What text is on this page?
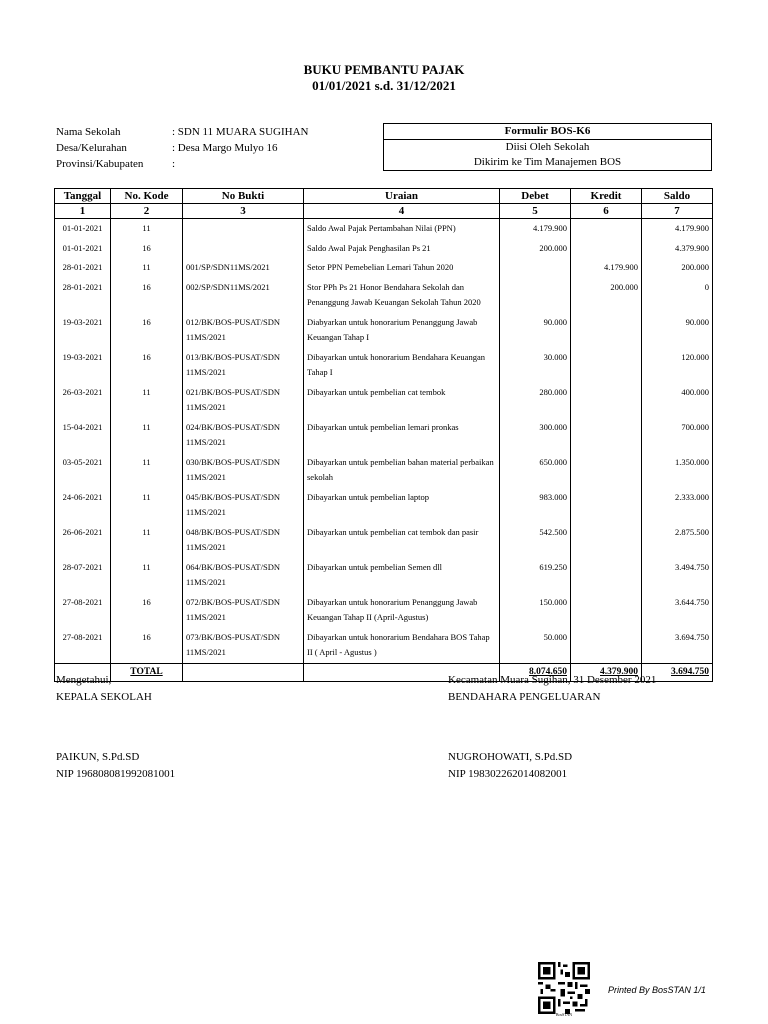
BUKU PEMBANTU PAJAK
01/01/2021 s.d. 31/12/2021
Nama Sekolah	: SDN 11 MUARA SUGIHAN
Desa/Kelurahan	: Desa Margo Mulyo 16
Provinsi/Kabupaten	:
Formulir BOS-K6
Diisi Oleh Sekolah
Dikirim ke Tim Manajemen BOS
Tanggal	No. Kode	No Bukti	Uraian	Debet	Kredit	Saldo
1	2	3	4	5	6	7
01-01-2021	11		Saldo Awal Pajak Pertambahan Nilai (PPN)	4.179.900		4.179.900
01-01-2021	16		Saldo Awal Pajak Penghasilan Ps 21	200.000		4.379.900
28-01-2021	11	001/SP/SDN11MS/2021	Setor PPN Pemebelian Lemari Tahun 2020		4.179.900	200.000
28-01-2021	16	002/SP/SDN11MS/2021	Stor PPh Ps 21 Honor Bendahara Sekolah dan Penanggung Jawab Keuangan Sekolah Tahun 2020		200.000	0
19-03-2021	16	012/BK/BOS-PUSAT/SDN 11MS/2021	Diabyarkan untuk honorarium Penanggung Jawab Keuangan Tahap I	90.000		90.000
19-03-2021	16	013/BK/BOS-PUSAT/SDN 11MS/2021	Dibayarkan untuk honorarium Bendahara Keuangan Tahap I	30.000		120.000
26-03-2021	11	021/BK/BOS-PUSAT/SDN 11MS/2021	Dibayarkan untuk pembelian cat tembok	280.000		400.000
15-04-2021	11	024/BK/BOS-PUSAT/SDN 11MS/2021	Dibayarkan untuk pembelian lemari pronkas	300.000		700.000
03-05-2021	11	030/BK/BOS-PUSAT/SDN 11MS/2021	Dibayarkan untuk pembelian bahan material perbaikan sekolah	650.000		1.350.000
24-06-2021	11	045/BK/BOS-PUSAT/SDN 11MS/2021	Dibayarkan untuk pembelian laptop	983.000		2.333.000
26-06-2021	11	048/BK/BOS-PUSAT/SDN 11MS/2021	Dibayarkan untuk pembelian cat tembok dan pasir	542.500		2.875.500
28-07-2021	11	064/BK/BOS-PUSAT/SDN 11MS/2021	Dibayarkan untuk pembelian Semen dll	619.250		3.494.750
27-08-2021	16	072/BK/BOS-PUSAT/SDN 11MS/2021	Dibayarkan untuk honorarium Penanggung Jawab Keuangan Tahap II (April-Agustus)	150.000		3.644.750
27-08-2021	16	073/BK/BOS-PUSAT/SDN 11MS/2021	Dibayarkan untuk honorarium Bendahara BOS Tahap II ( April - Agustus )	50.000		3.694.750
	TOTAL			8.074.650	4.379.900	3.694.750
Mengetahui,
KEPALA SEKOLAH
PAIKUN, S.Pd.SD
NIP 196808081992081001
Kecamatan Muara Sugihan, 31 Desember 2021
BENDAHARA PENGELUARAN
NUGROHOWATI, S.Pd.SD
NIP 198302262014082001
BosSTAN
Printed By BosSTAN 1/1
